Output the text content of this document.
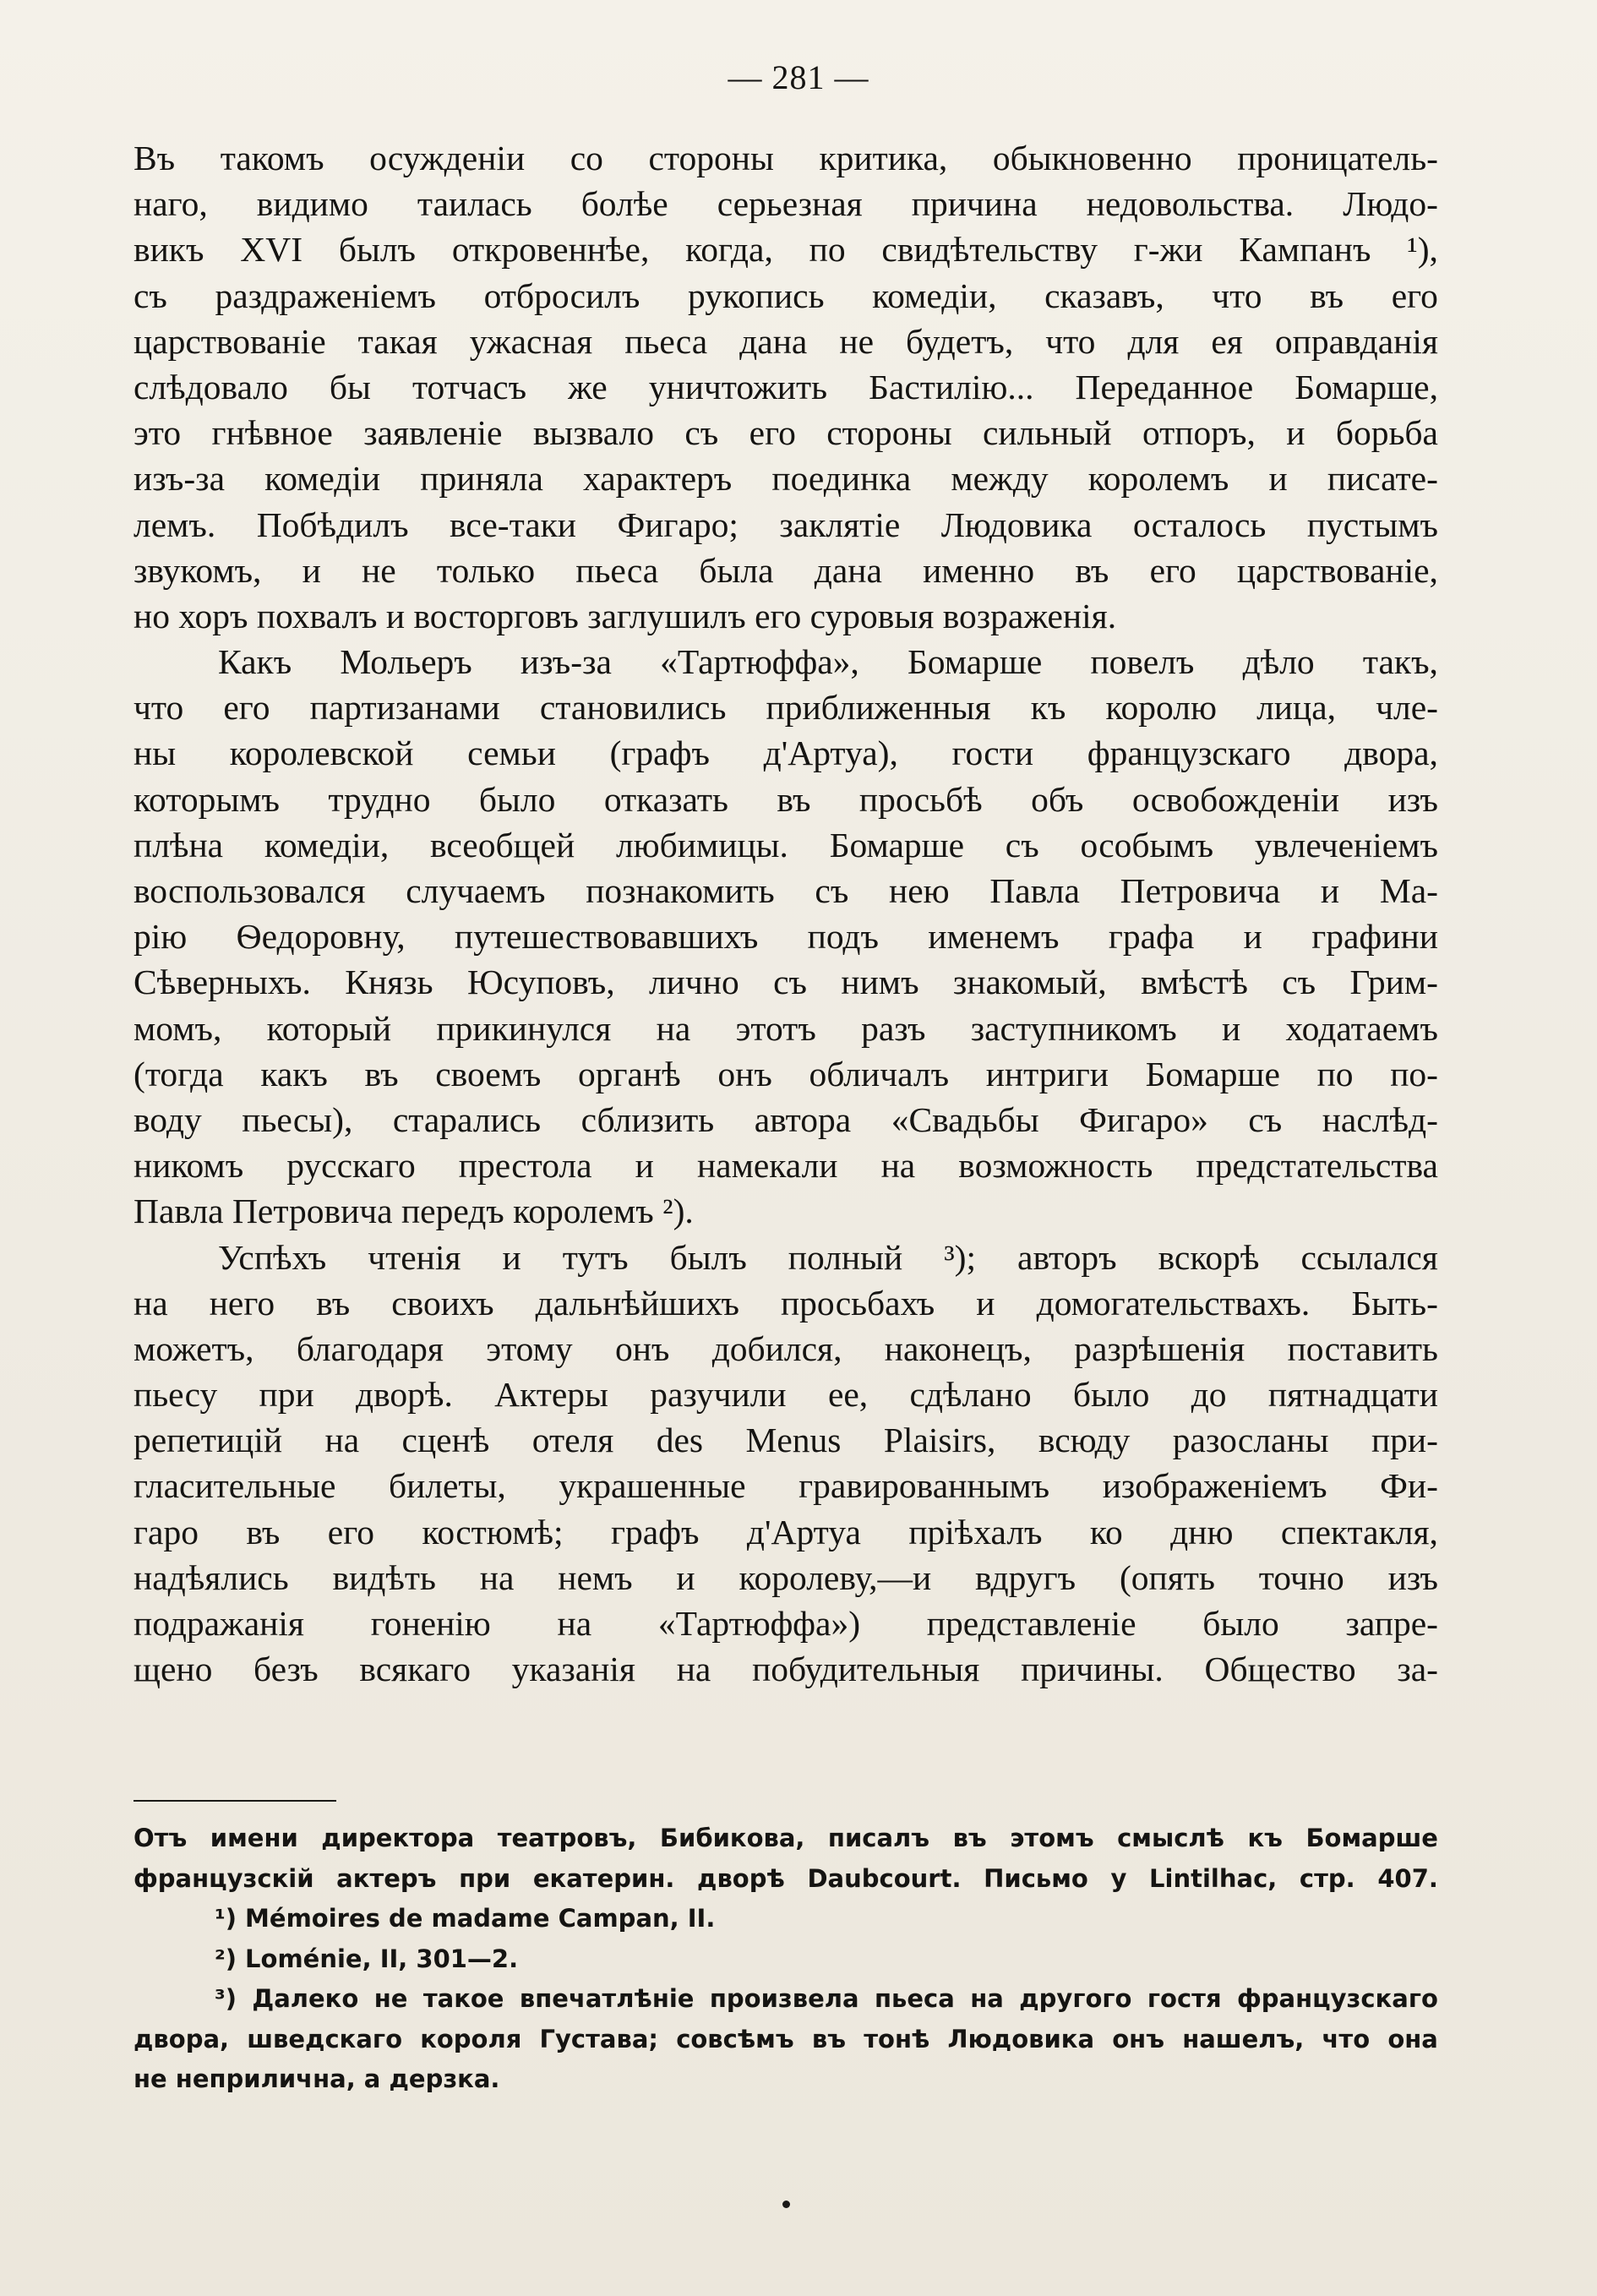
— 281 —
Въ такомъ осужденіи со стороны критика, обыкновенно проницатель-
наго, видимо таилась болѣе серьезная причина недовольства. Людо-
викъ XVI былъ откровеннѣе, когда, по свидѣтельству г-жи Кампанъ ¹),
съ раздраженіемъ отбросилъ рукопись комедіи, сказавъ, что въ его
царствованіе такая ужасная пьеса дана не будетъ, что для ея оправданія
слѣдовало бы тотчасъ же уничтожить Бастилію... Переданное Бомарше,
это гнѣвное заявленіе вызвало съ его стороны сильный отпоръ, и борьба
изъ-за комедіи приняла характеръ поединка между королемъ и писате-
лемъ. Побѣдилъ все-таки Фигаро; заклятіе Людовика осталось пустымъ
звукомъ, и не только пьеса была дана именно въ его царствованіе,
но хоръ похвалъ и восторговъ заглушилъ его суровыя возраженія.
Какъ Мольеръ изъ-за «Тартюффа», Бомарше повелъ дѣло такъ,
что его партизанами становились приближенныя къ королю лица, чле-
ны королевской семьи (графъ д'Артуа), гости французскаго двора,
которымъ трудно было отказать въ просьбѣ объ освобожденіи изъ
плѣна комедіи, всеобщей любимицы. Бомарше съ особымъ увлеченіемъ
воспользовался случаемъ познакомить съ нею Павла Петровича и Ма-
рію Ѳедоровну, путешествовавшихъ подъ именемъ графа и графини
Сѣверныхъ. Князь Юсуповъ, лично съ нимъ знакомый, вмѣстѣ съ Грим-
момъ, который прикинулся на этотъ разъ заступникомъ и ходатаемъ
(тогда какъ въ своемъ органѣ онъ обличалъ интриги Бомарше по по-
воду пьесы), старались сблизить автора «Свадьбы Фигаро» съ наслѣд-
никомъ русскаго престола и намекали на возможность предстательства
Павла Петровича передъ королемъ ²).
Успѣхъ чтенія и тутъ былъ полный ³); авторъ вскорѣ ссылался
на него въ своихъ дальнѣйшихъ просьбахъ и домогательствахъ. Быть-
можетъ, благодаря этому онъ добился, наконецъ, разрѣшенія поставить
пьесу при дворѣ. Актеры разучили ее, сдѣлано было до пятнадцати
репетицій на сценѣ отеля des Menus Plaisirs, всюду разосланы при-
гласительные билеты, украшенные гравированнымъ изображеніемъ Фи-
гаро въ его костюмѣ; графъ д'Артуа пріѣхалъ ко дню спектакля,
надѣялись видѣть на немъ и королеву,—и вдругъ (опять точно изъ
подражанія гоненію на «Тартюффа») представленіе было запре-
щено безъ всякаго указанія на побудительныя причины. Общество за-
Отъ имени директора театровъ, Бибикова, писалъ въ этомъ смыслѣ къ Бомарше
французскій актеръ при екатерин. дворѣ Daubcourt. Письмо у Lintilhac, стр. 407.
¹) Mémoires de madame Campan, II.
²) Loménie, II, 301—2.
³) Далеко не такое впечатлѣніе произвела пьеса на другого гостя французскаго
двора, шведскаго короля Густава; совсѣмъ въ тонѣ Людовика онъ нашелъ, что она
не неприлична, а дерзка.
